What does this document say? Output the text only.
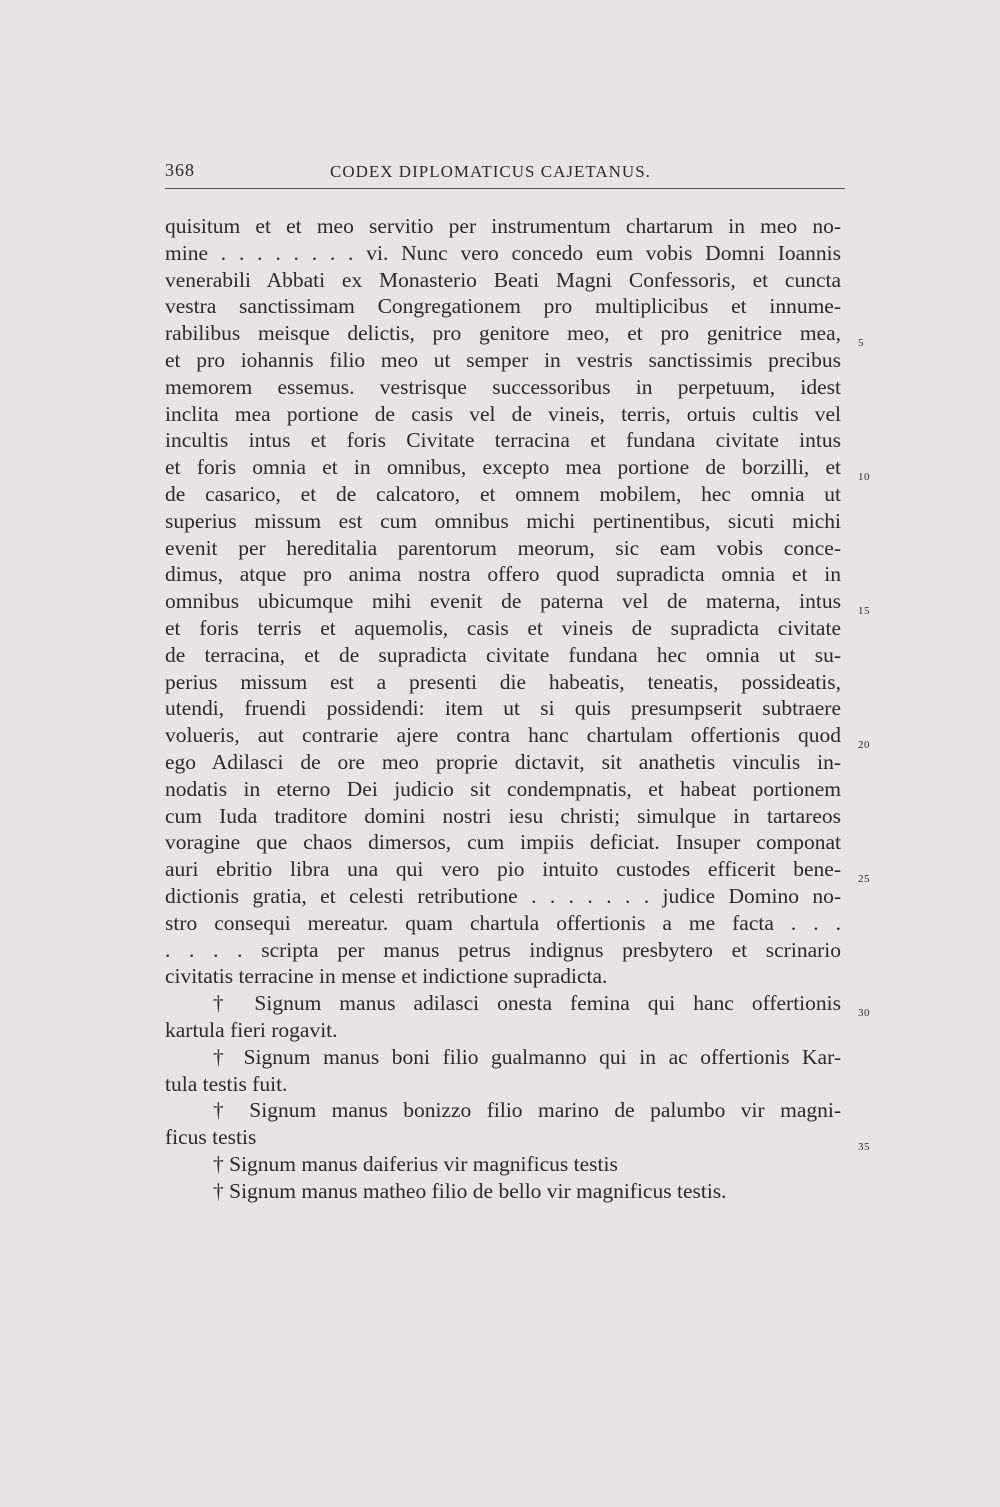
368	CODEX DIPLOMATICUS CAJETANUS.
quisitum et et meo servitio per instrumentum chartarum in meo no-
mine . . . . . . . . vi. Nunc vero concedo eum vobis Domni Ioannis
venerabili Abbati ex Monasterio Beati Magni Confessoris, et cuncta
vestra sanctissimam Congregationem pro multiplicibus et innume-
rabilibus meisque delictis, pro genitore meo, et pro genitrice mea,
et pro iohannis filio meo ut semper in vestris sanctissimis precibus
memorem essemus. vestrisque successoribus in perpetuum, idest
inclita mea portione de casis vel de vineis, terris, ortuis cultis vel
incultis intus et foris Civitate terracina et fundana civitate intus
et foris omnia et in omnibus, excepto mea portione de borzilli, et
de casarico, et de calcatoro, et omnem mobilem, hec omnia ut
superius missum est cum omnibus michi pertinentibus, sicuti michi
evenit per hereditalia parentorum meorum, sic eam vobis conce-
dimus, atque pro anima nostra offero quod supradicta omnia et in
omnibus ubicumque mihi evenit de paterna vel de materna, intus
et foris terris et aquemolis, casis et vineis de supradicta civitate
de terracina, et de supradicta civitate fundana hec omnia ut su-
perius missum est a presenti die habeatis, teneatis, possideatis,
utendi, fruendi possidendi: item ut si quis presumpserit subtraere
volueris, aut contrarie ajere contra hanc chartulam offertionis quod
ego Adilasci de ore meo proprie dictavit, sit anathetis vinculis in-
nodatis in eterno Dei judicio sit condempnatis, et habeat portionem
cum Iuda traditore domini nostri iesu christi; simulque in tartareos
voragine que chaos dimersos, cum impiis deficiat. Insuper componat
auri ebritio libra una qui vero pio intuito custodes efficerit bene-
dictionis gratia, et celesti retributione . . . . . . . judice Domino no-
stro consequi mereatur. quam chartula offertionis a me facta . . .
. . . . scripta per manus petrus indignus presbytero et scrinario
civitatis terracine in mense et indictione supradicta.
† Signum manus adilasci onesta femina qui hanc offertionis
kartula fieri rogavit.
† Signum manus boni filio gualmanno qui in ac offertionis Kar-
tula testis fuit.
† Signum manus bonizzo filio marino de palumbo vir magni-
ficus testis
† Signum manus daiferius vir magnificus testis
† Signum manus matheo filio de bello vir magnificus testis.
5
10
15
20
25
30
35
